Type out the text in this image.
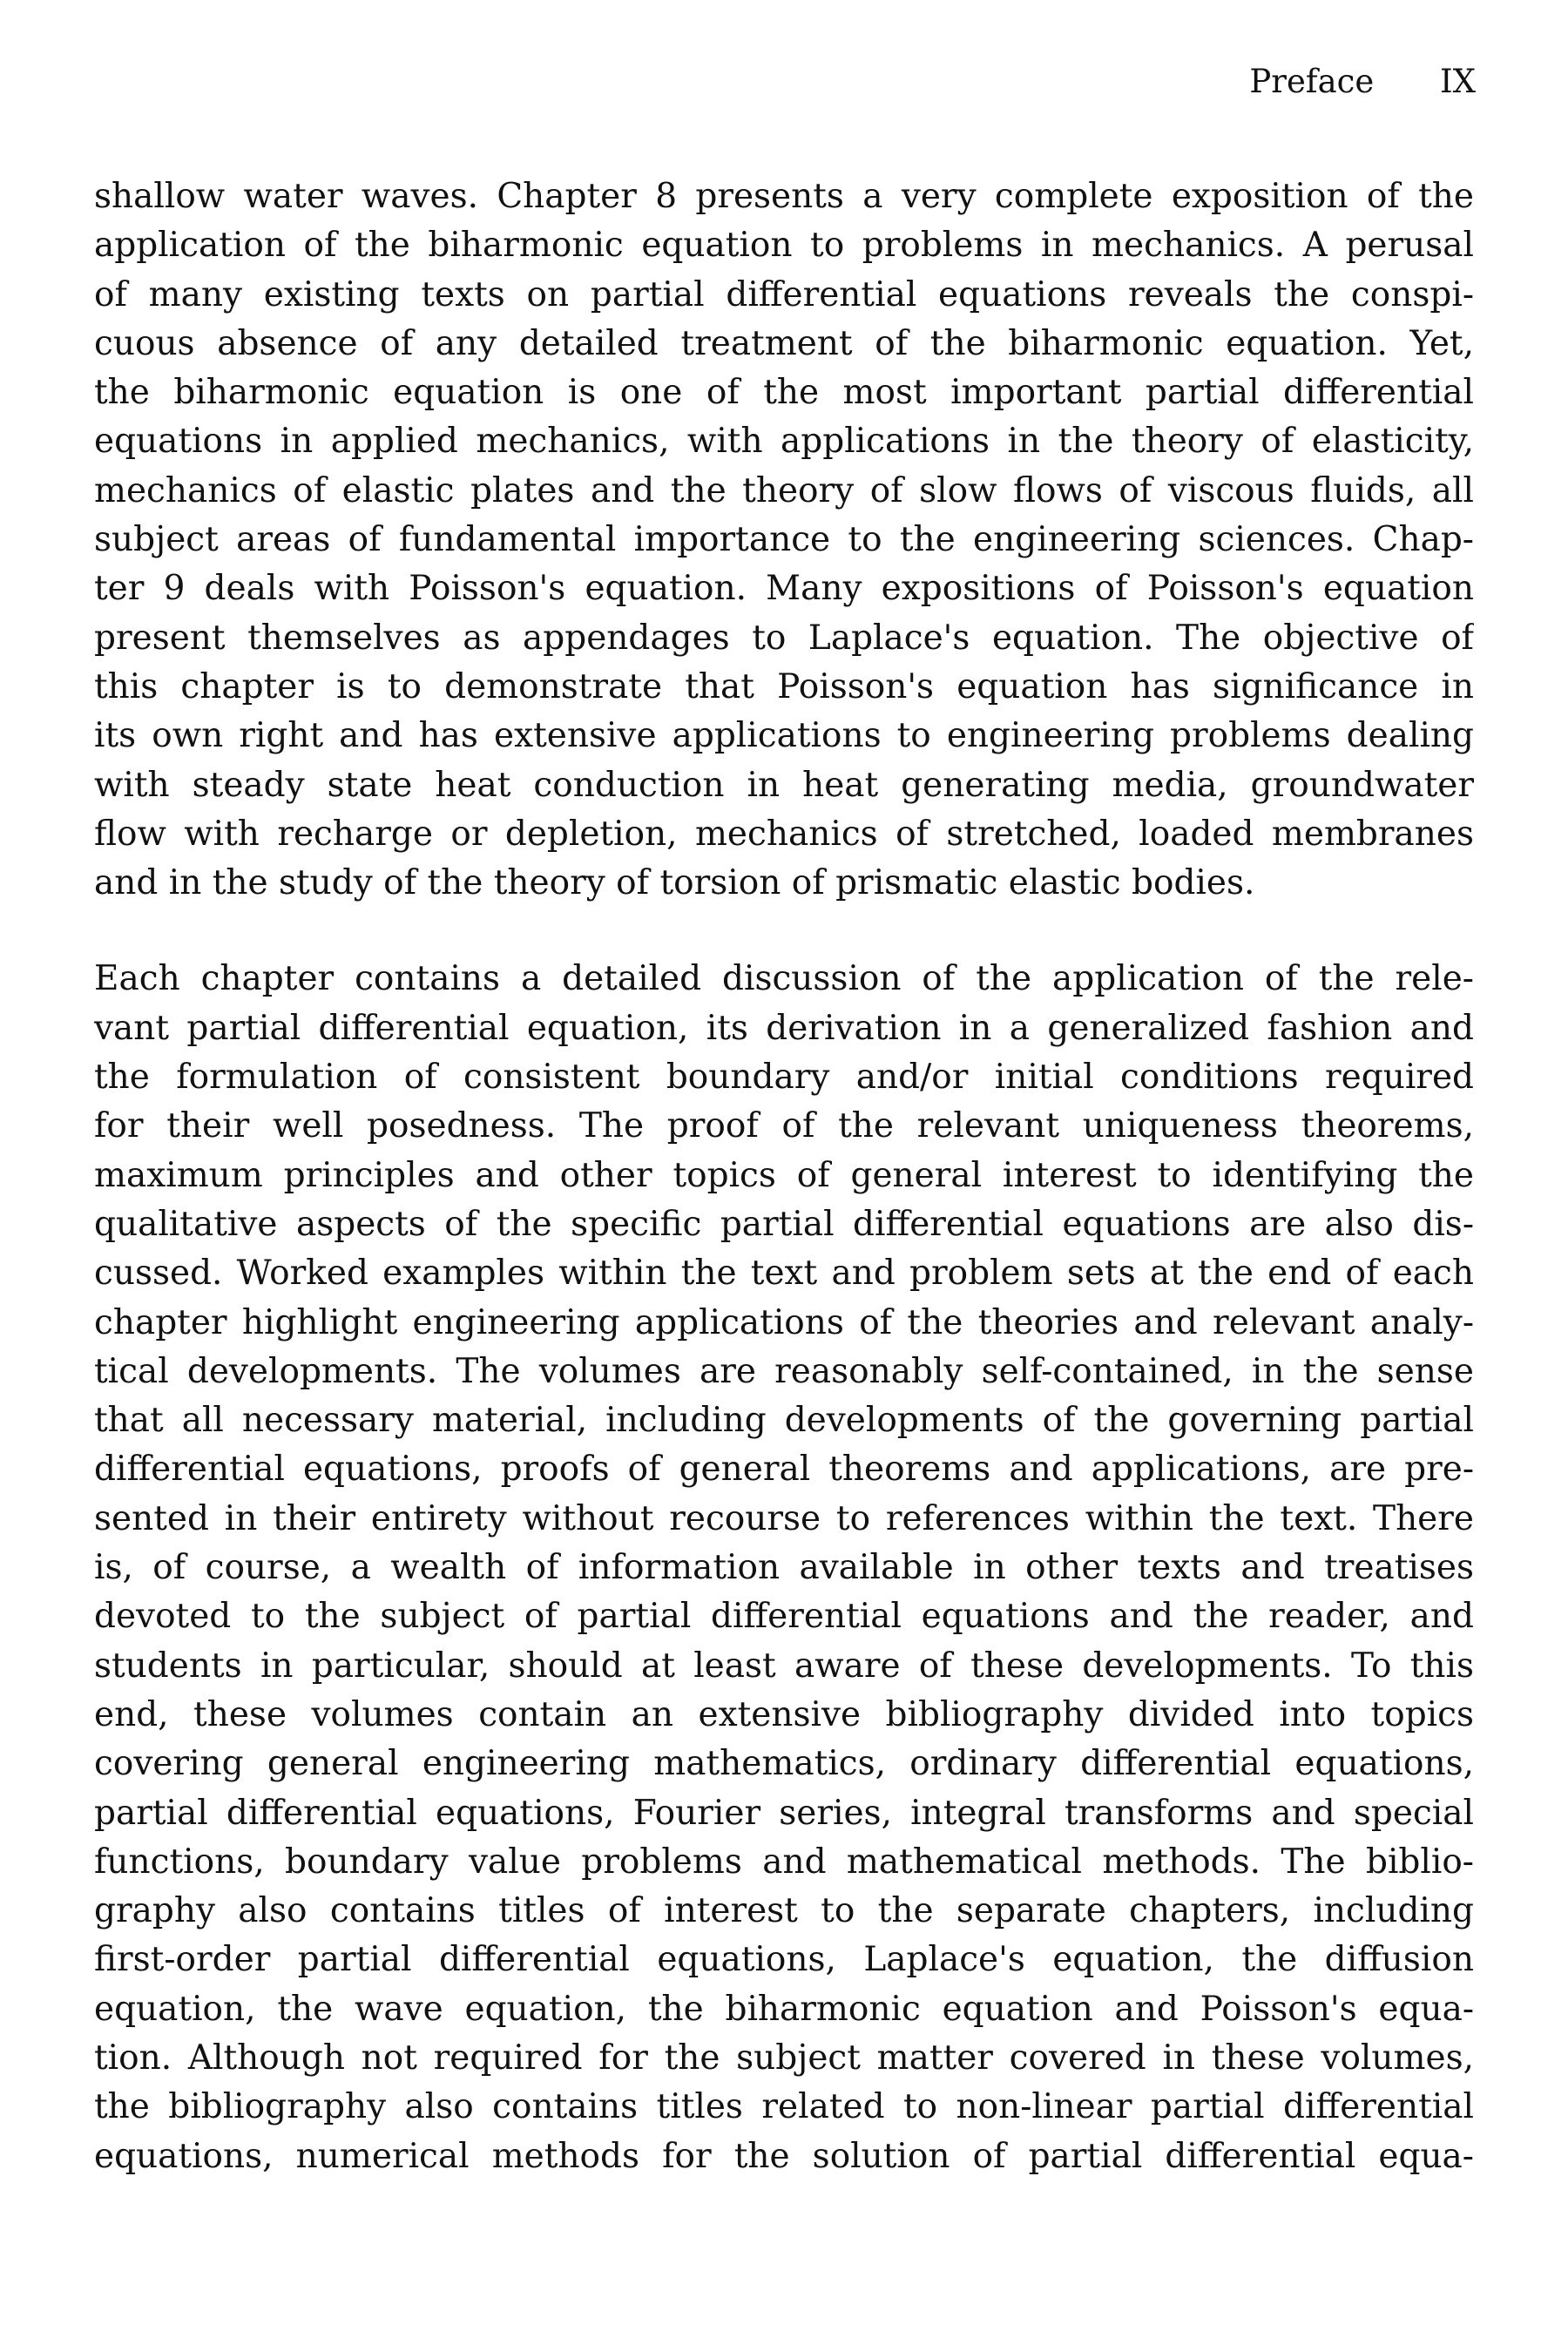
Preface IX
shallow water waves. Chapter 8 presents a very complete exposition of the
application of the biharmonic equation to problems in mechanics. A perusal
of many existing texts on partial differential equations reveals the conspi-
cuous absence of any detailed treatment of the biharmonic equation. Yet,
the biharmonic equation is one of the most important partial differential
equations in applied mechanics, with applications in the theory of elasticity,
mechanics of elastic plates and the theory of slow flows of viscous fluids, all
subject areas of fundamental importance to the engineering sciences. Chap-
ter 9 deals with Poisson's equation. Many expositions of Poisson's equation
present themselves as appendages to Laplace's equation. The objective of
this chapter is to demonstrate that Poisson's equation has significance in
its own right and has extensive applications to engineering problems dealing
with steady state heat conduction in heat generating media, groundwater
flow with recharge or depletion, mechanics of stretched, loaded membranes
and in the study of the theory of torsion of prismatic elastic bodies.
Each chapter contains a detailed discussion of the application of the rele-
vant partial differential equation, its derivation in a generalized fashion and
the formulation of consistent boundary and/or initial conditions required
for their well posedness. The proof of the relevant uniqueness theorems,
maximum principles and other topics of general interest to identifying the
qualitative aspects of the specific partial differential equations are also dis-
cussed. Worked examples within the text and problem sets at the end of each
chapter highlight engineering applications of the theories and relevant analy-
tical developments. The volumes are reasonably self-contained, in the sense
that all necessary material, including developments of the governing partial
differential equations, proofs of general theorems and applications, are pre-
sented in their entirety without recourse to references within the text. There
is, of course, a wealth of information available in other texts and treatises
devoted to the subject of partial differential equations and the reader, and
students in particular, should at least aware of these developments. To this
end, these volumes contain an extensive bibliography divided into topics
covering general engineering mathematics, ordinary differential equations,
partial differential equations, Fourier series, integral transforms and special
functions, boundary value problems and mathematical methods. The biblio-
graphy also contains titles of interest to the separate chapters, including
first-order partial differential equations, Laplace's equation, the diffusion
equation, the wave equation, the biharmonic equation and Poisson's equa-
tion. Although not required for the subject matter covered in these volumes,
the bibliography also contains titles related to non-linear partial differential
equations, numerical methods for the solution of partial differential equa-
